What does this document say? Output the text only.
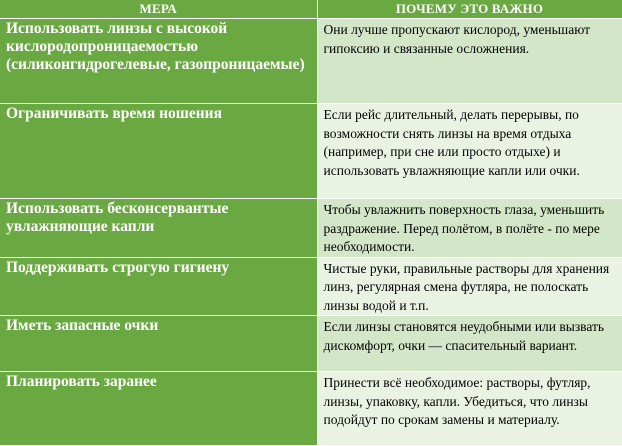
МЕРА	ПОЧЕМУ ЭТО ВАЖНО
Использовать линзы с высокой кислородопроницаемостью (силиконгидрогелевые, газопроницаемые)	Они лучше пропускают кислород, уменьшают гипоксию и связанные осложнения.
Ограничивать время ношения	Если рейс длительный, делать перерывы, по возможности снять линзы на время отдыха (например, при сне или просто отдыхе) и использовать увлажняющие капли или очки.
Использовать бесконсервантые увлажняющие капли	Чтобы увлажнить поверхность глаза, уменьшить раздражение. Перед полётом, в полёте - по мере необходимости.
Поддерживать строгую гигиену	Чистые руки, правильные растворы для хранения линз, регулярная смена футляра, не полоскать линзы водой и т.п.
Иметь запасные очки	Если линзы становятся неудобными или вызвать дискомфорт, очки — спасительный вариант.
Планировать заранее	Принести всё необходимое: растворы, футляр, линзы, упаковку, капли. Убедиться, что линзы подойдут по срокам замены и материалу.
